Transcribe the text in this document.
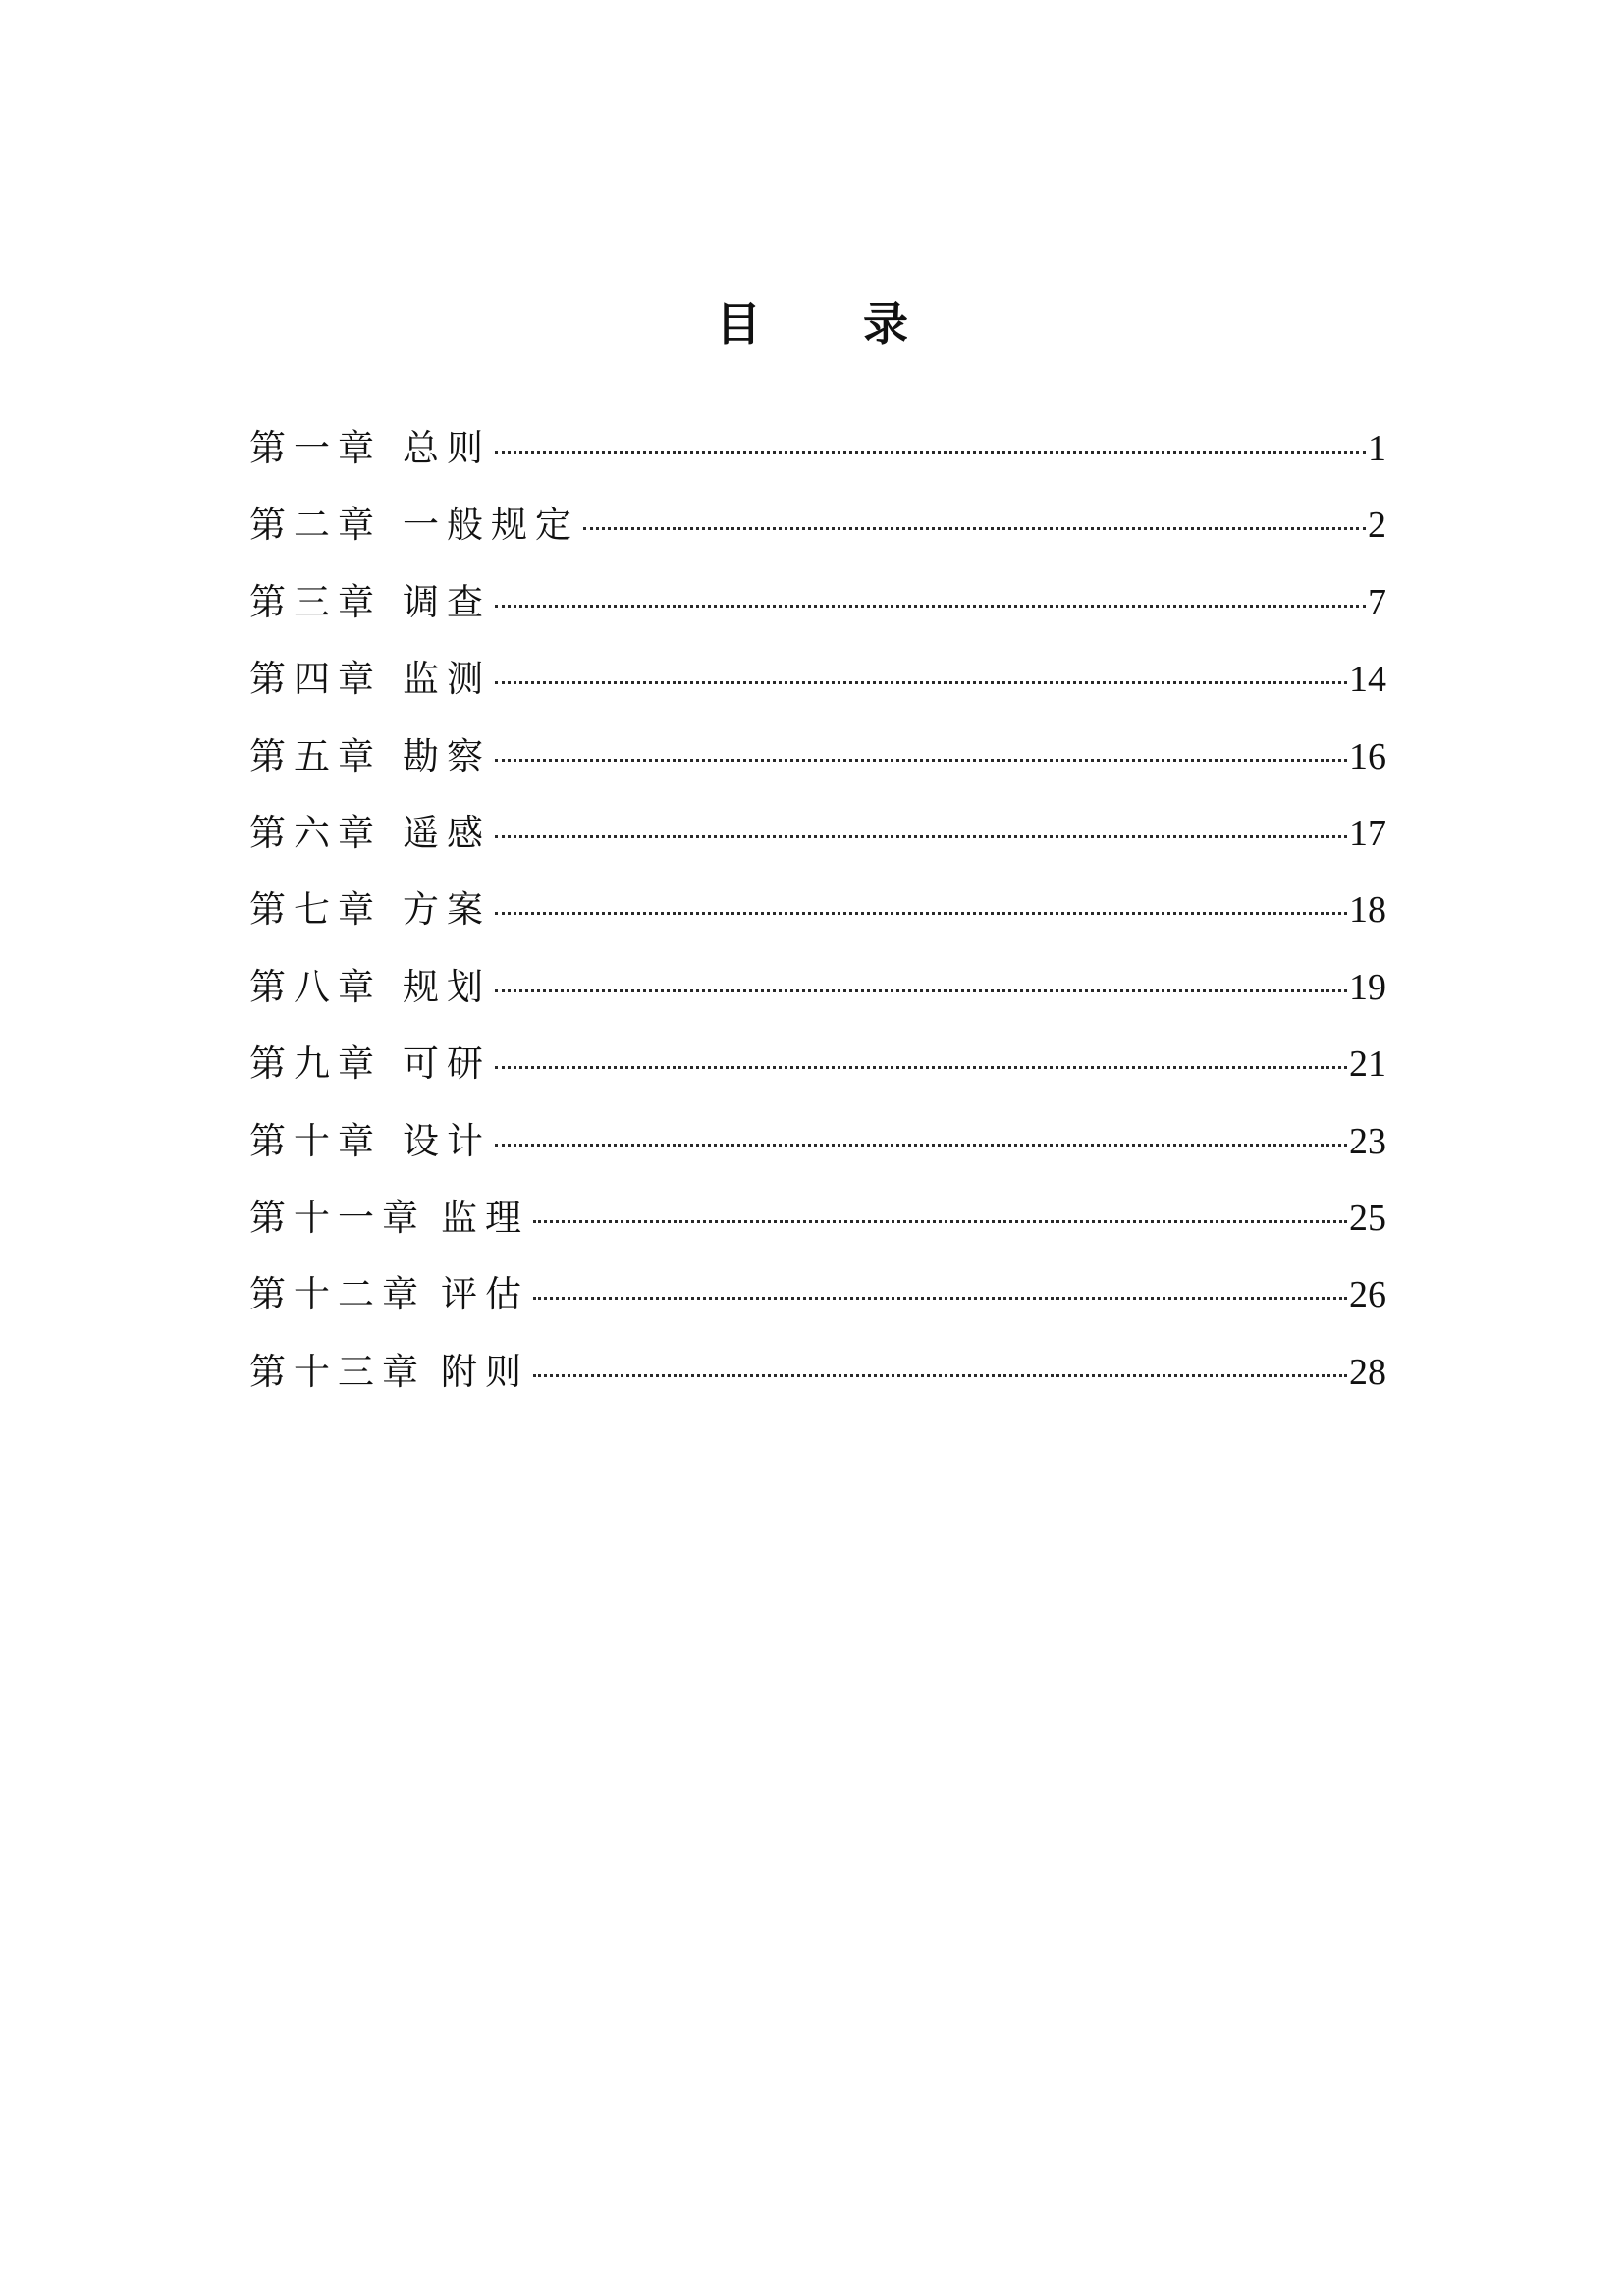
目 录
第一章 总则	1
第二章 一般规定	2
第三章 调查	7
第四章 监测	14
第五章 勘察	16
第六章 遥感	17
第七章 方案	18
第八章 规划	19
第九章 可研	21
第十章 设计	23
第十一章 监理	25
第十二章 评估	26
第十三章 附则	28
